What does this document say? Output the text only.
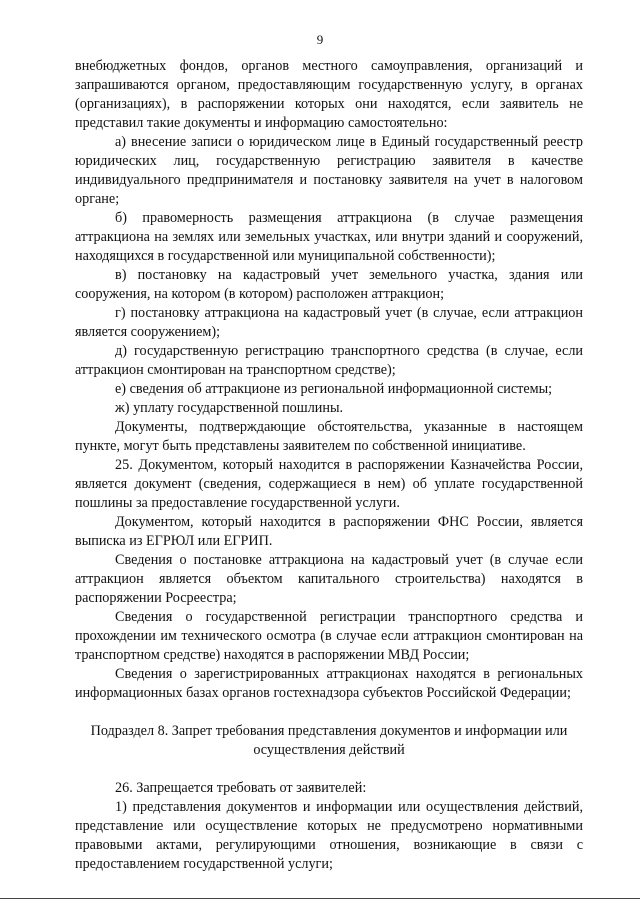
9

внебюджетных фондов, органов местного самоуправления, организаций и запрашиваются органом, предоставляющим государственную услугу, в органах (организациях), в распоряжении которых они находятся, если заявитель не представил такие документы и информацию самостоятельно:

а) внесение записи о юридическом лице в Единый государственный реестр юридических лиц, государственную регистрацию заявителя в качестве индивидуального предпринимателя и постановку заявителя на учет в налоговом органе;

б) правомерность размещения аттракциона (в случае размещения аттракциона на землях или земельных участках, или внутри зданий и сооружений, находящихся в государственной или муниципальной собственности);

в) постановку на кадастровый учет земельного участка, здания или сооружения, на котором (в котором) расположен аттракцион;

г) постановку аттракциона на кадастровый учет (в случае, если аттракцион является сооружением);

д) государственную регистрацию транспортного средства (в случае, если аттракцион смонтирован на транспортном средстве);

е) сведения об аттракционе из региональной информационной системы;

ж) уплату государственной пошлины.

Документы, подтверждающие обстоятельства, указанные в настоящем пункте, могут быть представлены заявителем по собственной инициативе.

25. Документом, который находится в распоряжении Казначейства России, является документ (сведения, содержащиеся в нем) об уплате государственной пошлины за предоставление государственной услуги.

Документом, который находится в распоряжении ФНС России, является выписка из ЕГРЮЛ или ЕГРИП.

Сведения о постановке аттракциона на кадастровый учет (в случае если аттракцион является объектом капитального строительства) находятся в распоряжении Росреестра;

Сведения о государственной регистрации транспортного средства и прохождении им технического осмотра (в случае если аттракцион смонтирован на транспортном средстве) находятся в распоряжении МВД России;

Сведения о зарегистрированных аттракционах находятся в региональных информационных базах органов гостехнадзора субъектов Российской Федерации;

Подраздел 8. Запрет требования представления документов и информации или осуществления действий

26. Запрещается требовать от заявителей:

1) представления документов и информации или осуществления действий, представление или осуществление которых не предусмотрено нормативными правовыми актами, регулирующими отношения, возникающие в связи с предоставлением государственной услуги;
